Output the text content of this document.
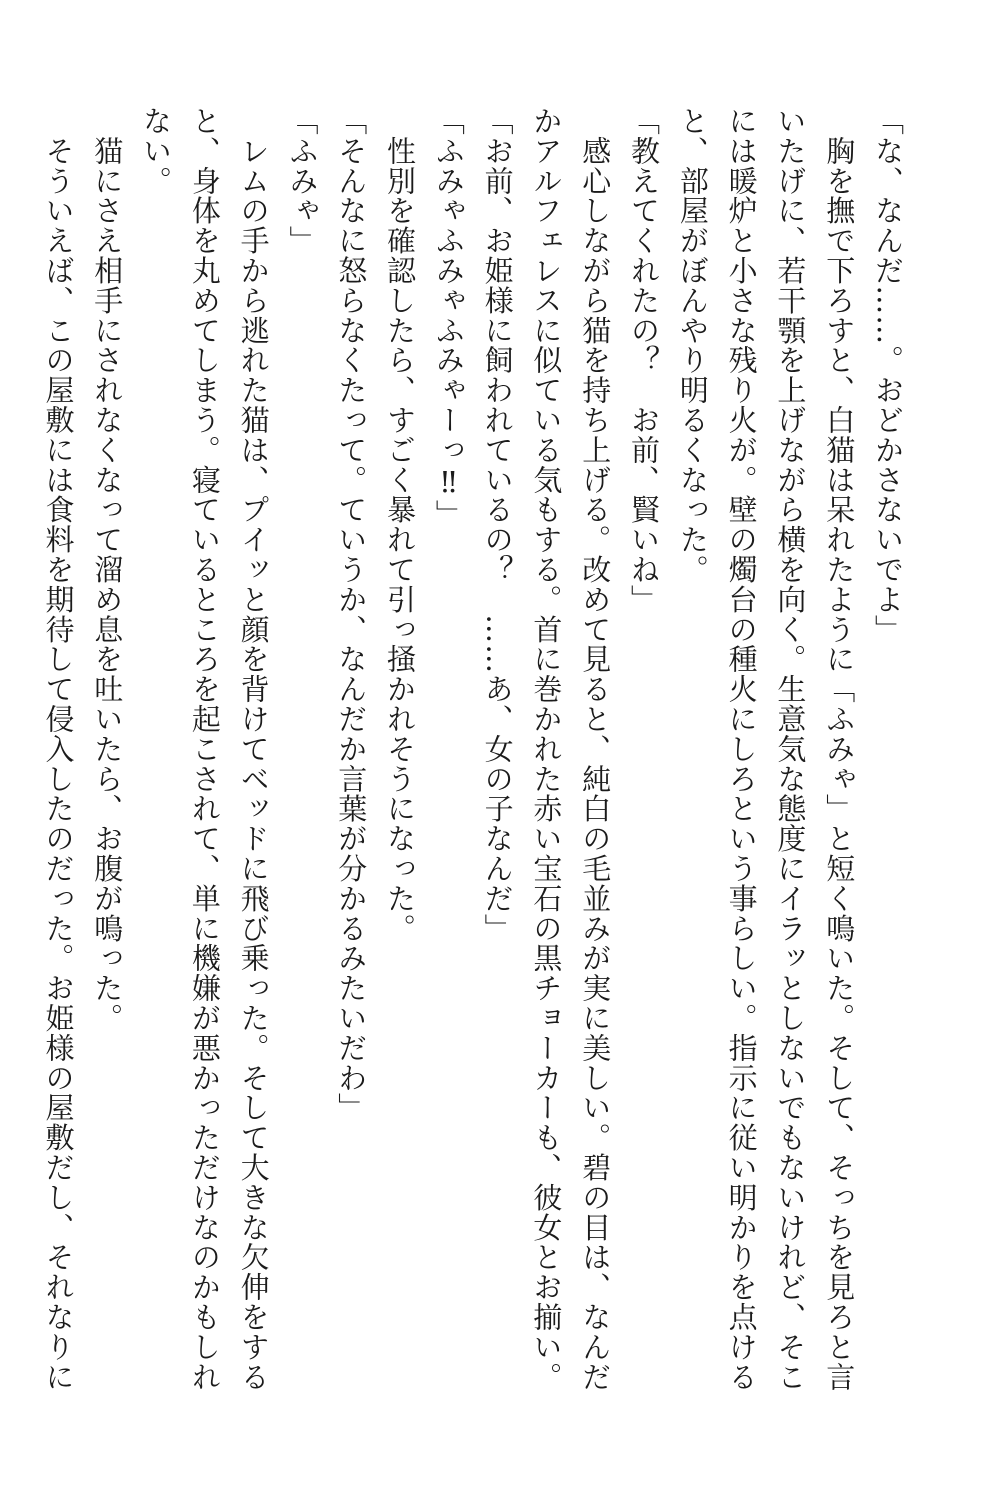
「な、なんだ……。おどかさないでよ」

　胸を撫で下ろすと、白猫は呆れたように「ふみゃ」と短く鳴いた。そして、そっちを見ろと言いたげに、若干顎を上げながら横を向く。生意気な態度にイラッとしないでもないけれど、そこには暖炉と小さな残り火が。壁の燭台の種火にしろという事らしい。指示に従い明かりを点けると、部屋がぼんやり明るくなった。

「教えてくれたの？　お前、賢いね」

　感心しながら猫を持ち上げる。改めて見ると、純白の毛並みが実に美しい。碧の目は、なんだかアルフェレスに似ている気もする。首に巻かれた赤い宝石の黒チョーカーも、彼女とお揃い。

「お前、お姫様に飼われているの？　……あ、女の子なんだ」

「ふみゃふみゃふみゃーっ‼」

　性別を確認したら、すごく暴れて引っ掻かれそうになった。

「そんなに怒らなくたって。ていうか、なんだか言葉が分かるみたいだわ」

「ふみゃ」

　レムの手から逃れた猫は、プイッと顔を背けてベッドに飛び乗った。そして大きな欠伸をすると、身体を丸めてしまう。寝ているところを起こされて、単に機嫌が悪かっただけなのかもしれない。

　猫にさえ相手にされなくなって溜め息を吐いたら、お腹が鳴った。

　そういえば、この屋敷には食料を期待して侵入したのだった。お姫様の屋敷だし、それなりに
